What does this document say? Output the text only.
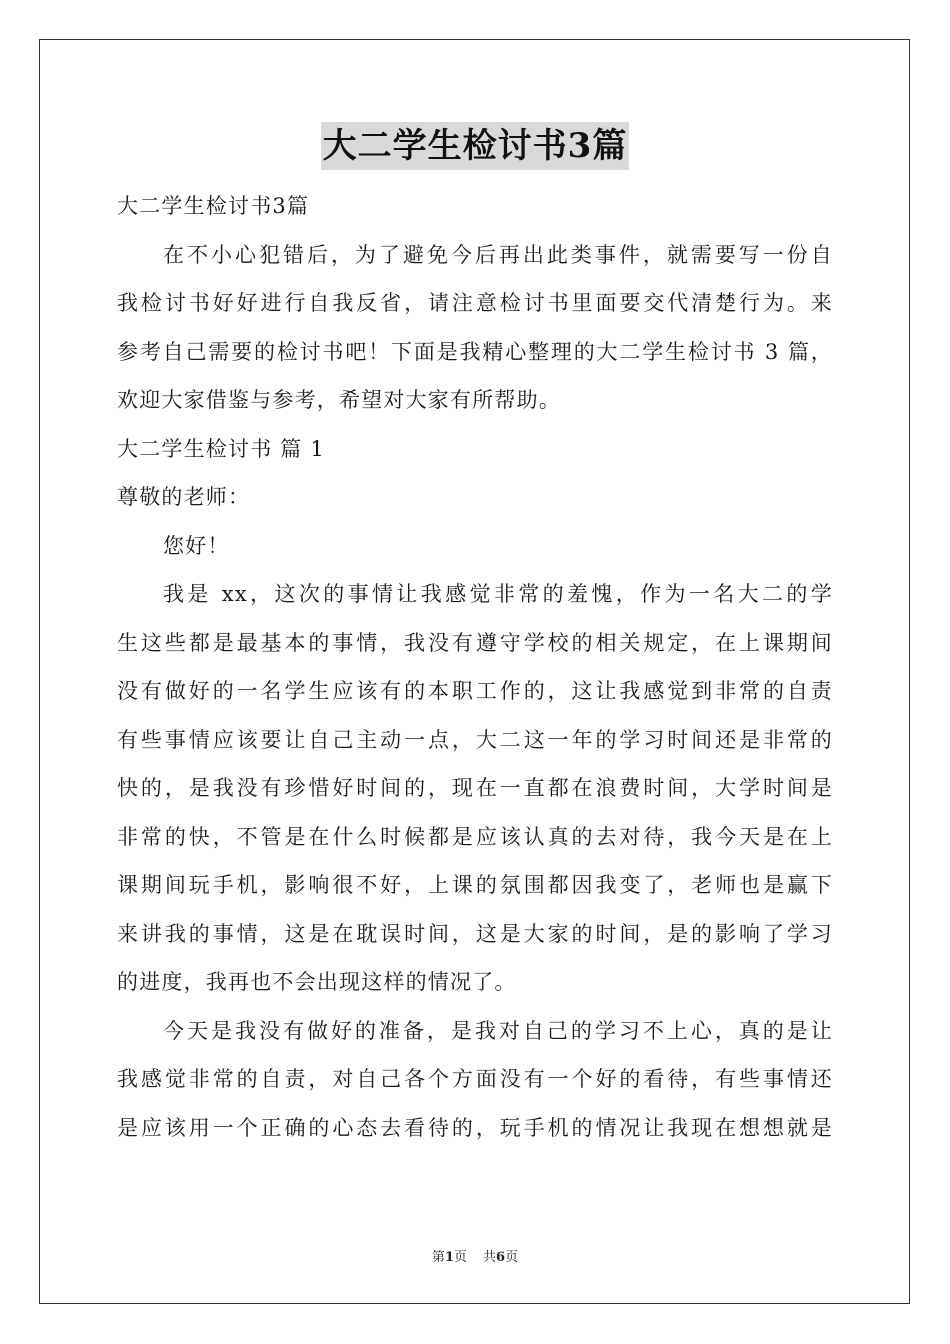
大二学生检讨书3篇
大二学生检讨书3篇
在不小心犯错后，为了避免今后再出此类事件，就需要写一份自
我检讨书好好进行自我反省，请注意检讨书里面要交代清楚行为。来
参考自己需要的检讨书吧！下面是我精心整理的大二学生检讨书 3 篇，
欢迎大家借鉴与参考，希望对大家有所帮助。
大二学生检讨书 篇 1
尊敬的老师：
您好！
我是 xx，这次的事情让我感觉非常的羞愧，作为一名大二的学
生这些都是最基本的事情，我没有遵守学校的相关规定，在上课期间
没有做好的一名学生应该有的本职工作的，这让我感觉到非常的自责
有些事情应该要让自己主动一点，大二这一年的学习时间还是非常的
快的，是我没有珍惜好时间的，现在一直都在浪费时间，大学时间是
非常的快，不管是在什么时候都是应该认真的去对待，我今天是在上
课期间玩手机，影响很不好，上课的氛围都因我变了，老师也是赢下
来讲我的事情，这是在耽误时间，这是大家的时间，是的影响了学习
的进度，我再也不会出现这样的情况了。
今天是我没有做好的准备，是我对自己的学习不上心，真的是让
我感觉非常的自责，对自己各个方面没有一个好的看待，有些事情还
是应该用一个正确的心态去看待的，玩手机的情况让我现在想想就是
第1页 共6页
